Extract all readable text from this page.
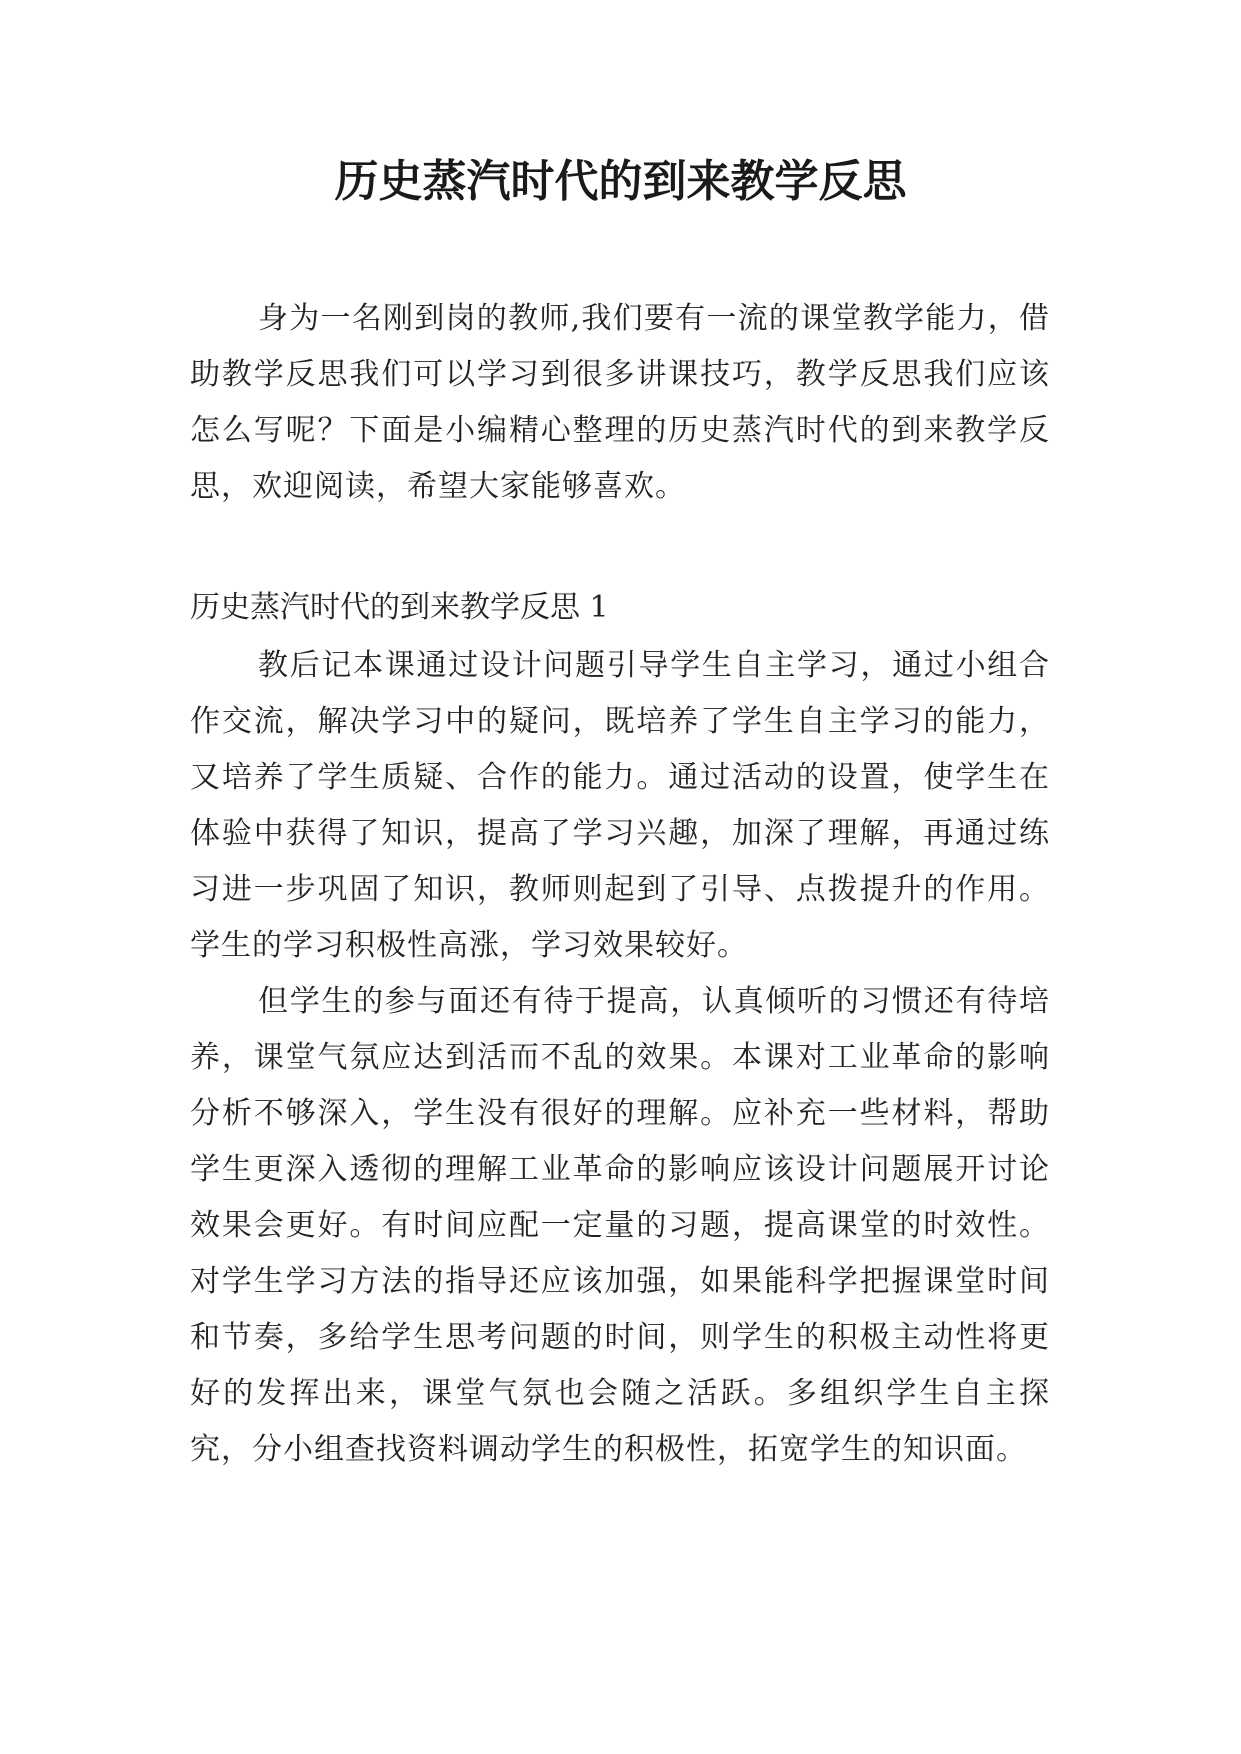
历史蒸汽时代的到来教学反思

身为一名刚到岗的教师,我们要有一流的课堂教学能力，借助教学反思我们可以学习到很多讲课技巧，教学反思我们应该怎么写呢？下面是小编精心整理的历史蒸汽时代的到来教学反思，欢迎阅读，希望大家能够喜欢。

历史蒸汽时代的到来教学反思 1

教后记本课通过设计问题引导学生自主学习，通过小组合作交流，解决学习中的疑问，既培养了学生自主学习的能力，又培养了学生质疑、合作的能力。通过活动的设置，使学生在体验中获得了知识，提高了学习兴趣，加深了理解，再通过练习进一步巩固了知识，教师则起到了引导、点拨提升的作用。学生的学习积极性高涨，学习效果较好。

但学生的参与面还有待于提高，认真倾听的习惯还有待培养，课堂气氛应达到活而不乱的效果。本课对工业革命的影响分析不够深入，学生没有很好的理解。应补充一些材料，帮助学生更深入透彻的理解工业革命的影响应该设计问题展开讨论效果会更好。有时间应配一定量的习题，提高课堂的时效性。对学生学习方法的指导还应该加强，如果能科学把握课堂时间和节奏，多给学生思考问题的时间，则学生的积极主动性将更好的发挥出来，课堂气氛也会随之活跃。多组织学生自主探究，分小组查找资料调动学生的积极性，拓宽学生的知识面。
